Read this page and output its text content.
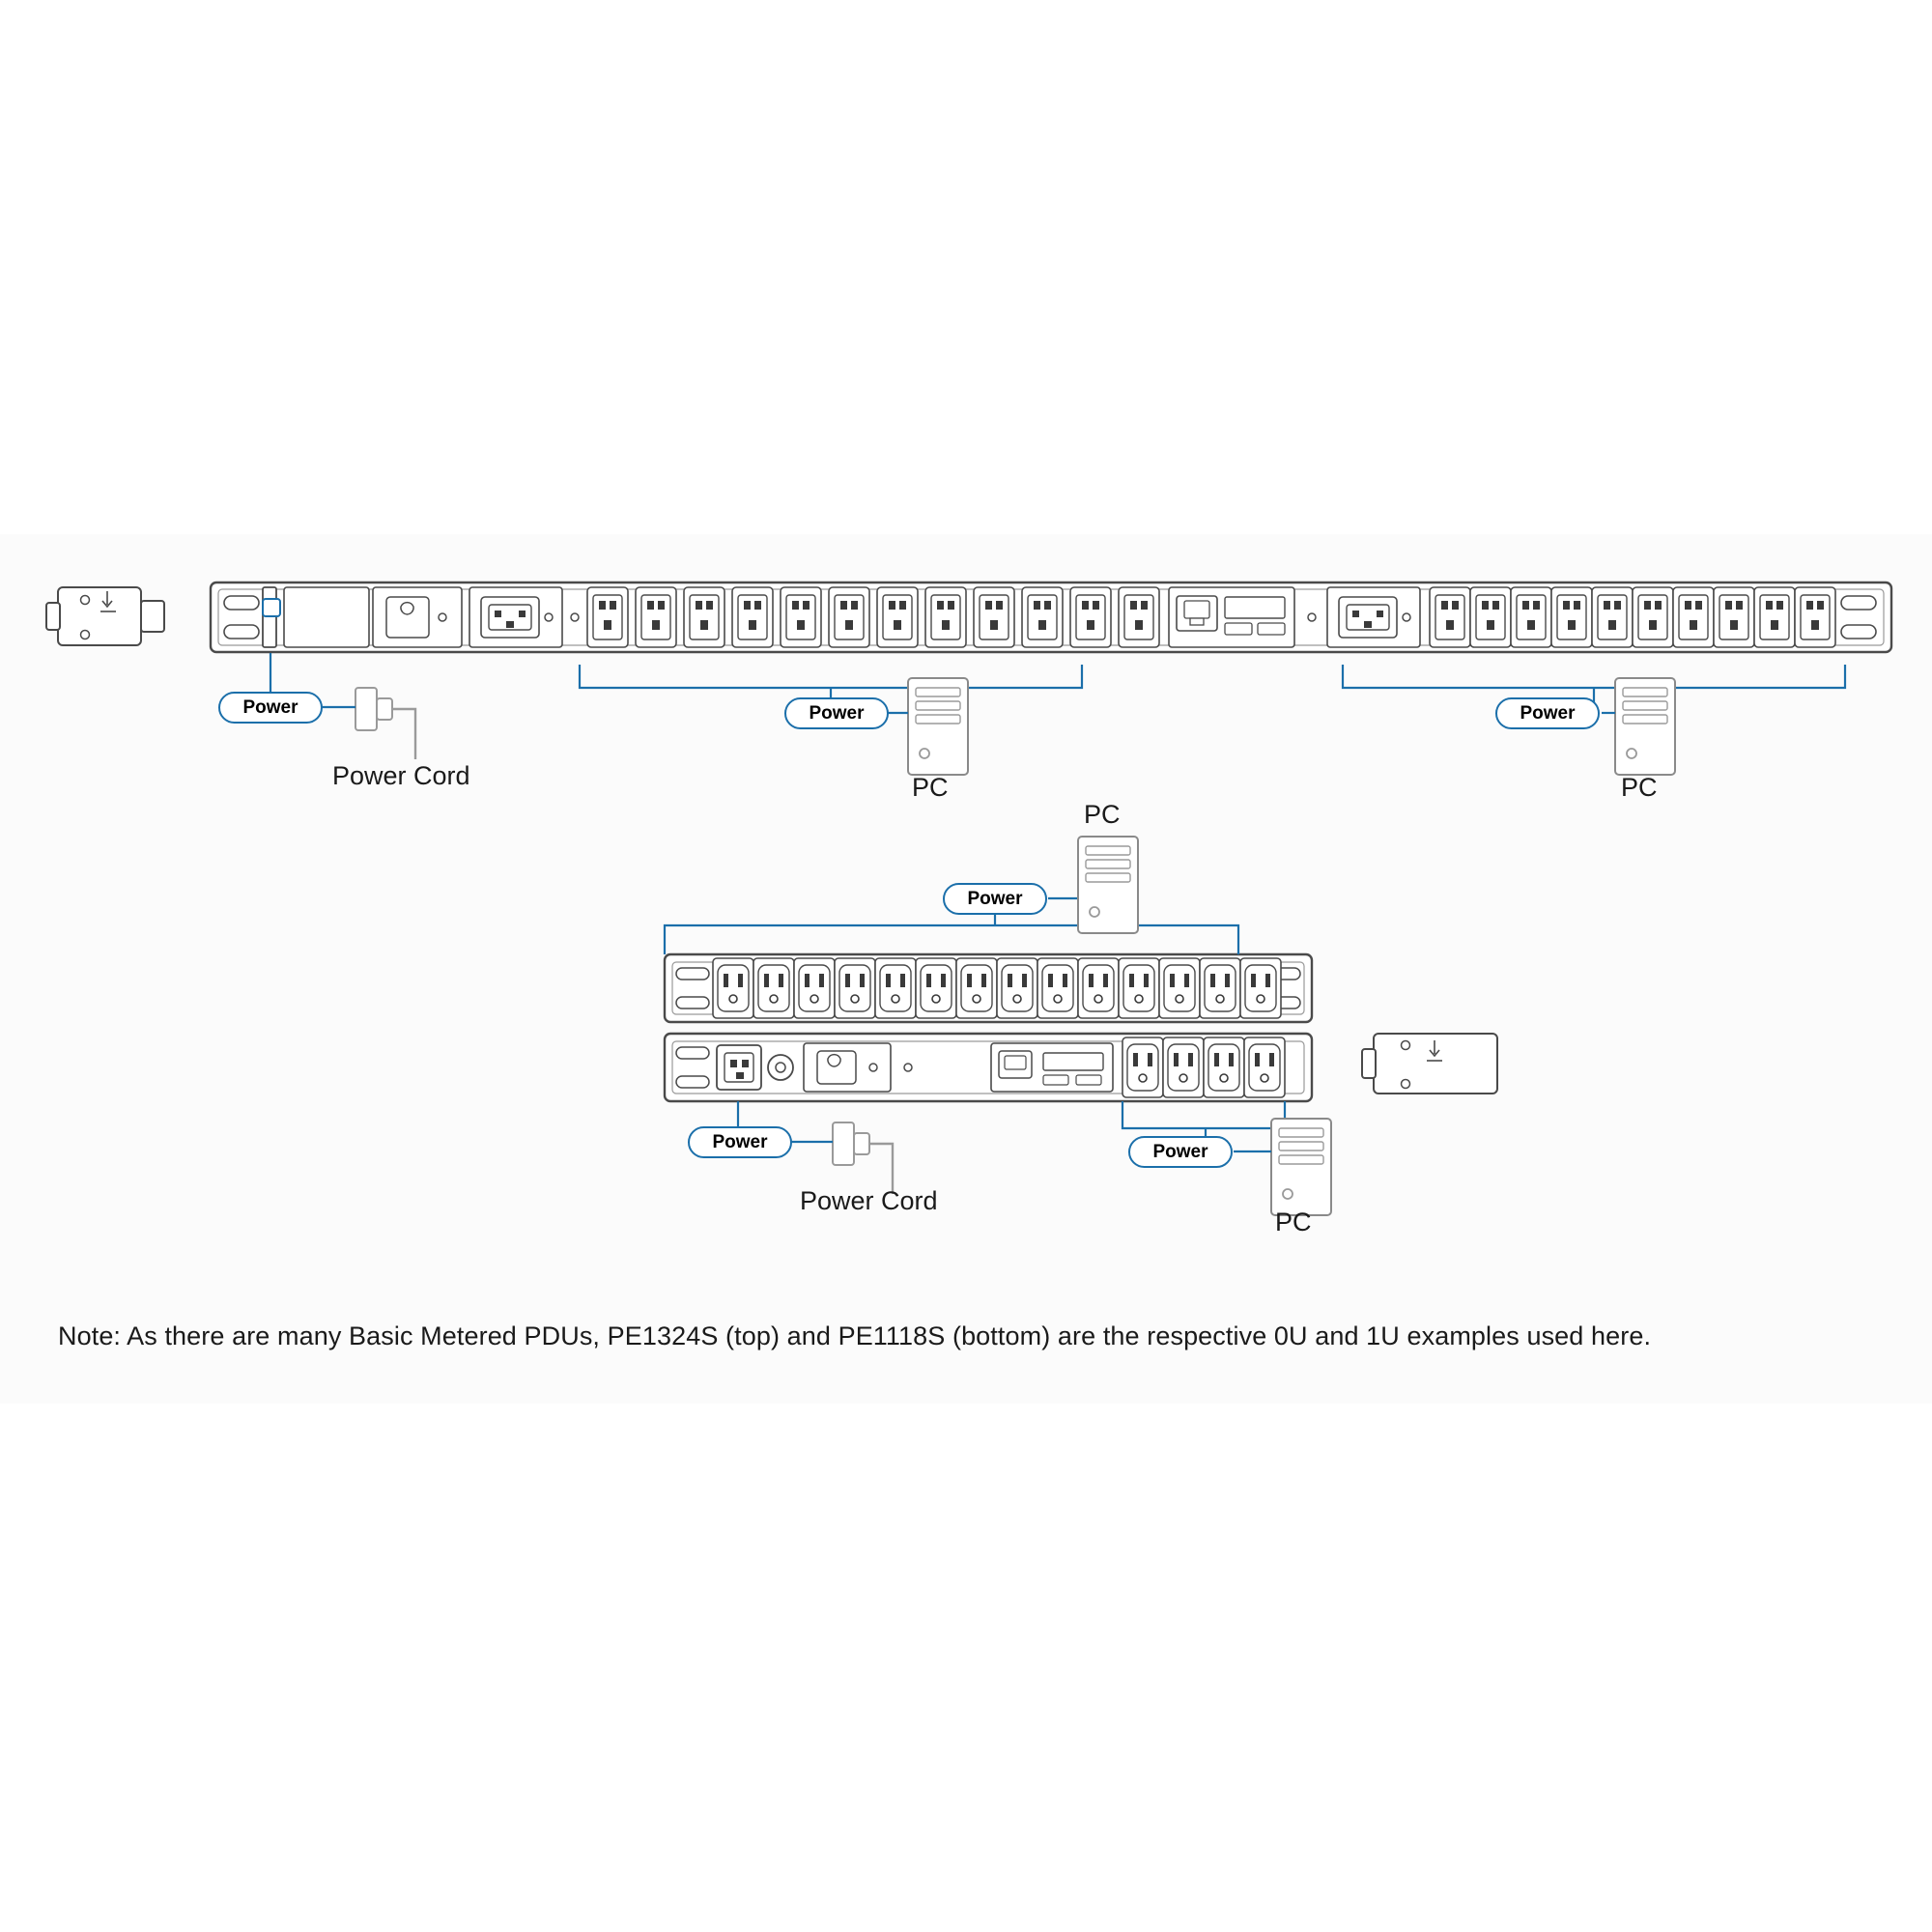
Power	Power	Power
Power
Power	Power
Power Cord	PC	PC
PC
Power Cord
PC
Note: As there are many Basic Metered PDUs, PE1324S (top) and PE1118S (bottom) are the respective 0U and 1U examples used here.
